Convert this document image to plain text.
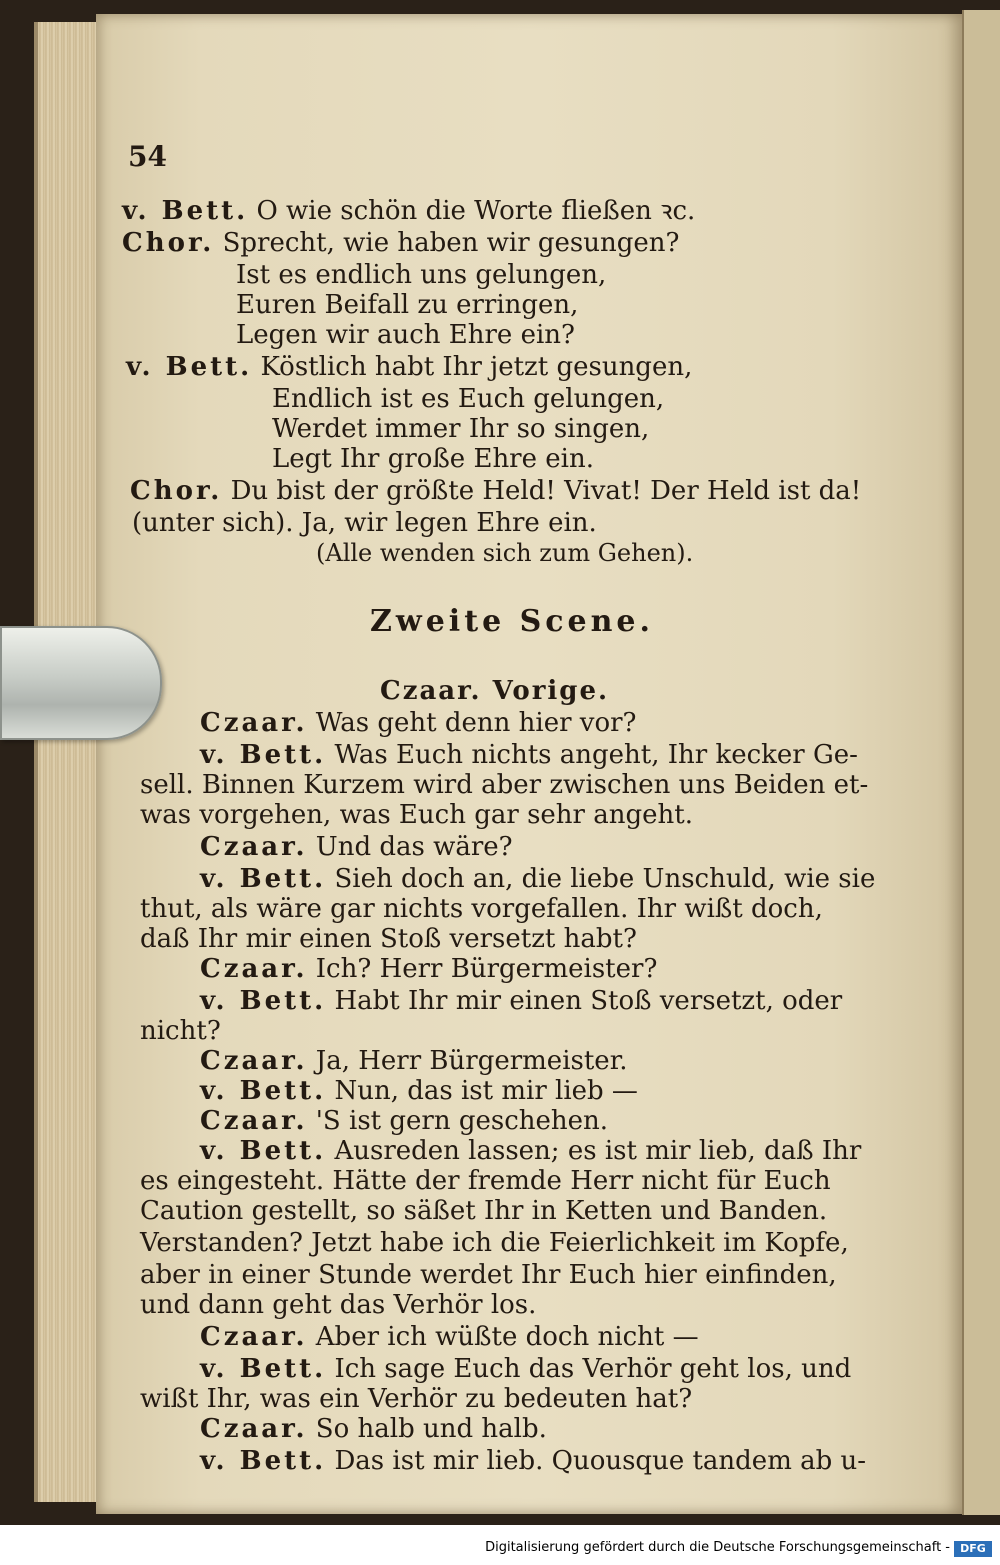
54
v. Bett. O wie schön die Worte fließen ꝛc.
Chor. Sprecht, wie haben wir gesungen?
Ist es endlich uns gelungen,
Euren Beifall zu erringen,
Legen wir auch Ehre ein?
v. Bett. Köstlich habt Ihr jetzt gesungen,
Endlich ist es Euch gelungen,
Werdet immer Ihr so singen,
Legt Ihr große Ehre ein.
Chor. Du bist der größte Held! Vivat! Der Held ist da!
(unter sich). Ja, wir legen Ehre ein.
(Alle wenden sich zum Gehen).
Zweite Scene.
Czaar. Vorige.
Czaar. Was geht denn hier vor?
v. Bett. Was Euch nichts angeht, Ihr kecker Ge-
sell. Binnen Kurzem wird aber zwischen uns Beiden et-
was vorgehen, was Euch gar sehr angeht.
Czaar. Und das wäre?
v. Bett. Sieh doch an, die liebe Unschuld, wie sie
thut, als wäre gar nichts vorgefallen. Ihr wißt doch,
daß Ihr mir einen Stoß versetzt habt?
Czaar. Ich? Herr Bürgermeister?
v. Bett. Habt Ihr mir einen Stoß versetzt, oder
nicht?
Czaar. Ja, Herr Bürgermeister.
v. Bett. Nun, das ist mir lieb —
Czaar. 'S ist gern geschehen.
v. Bett. Ausreden lassen; es ist mir lieb, daß Ihr
es eingesteht. Hätte der fremde Herr nicht für Euch
Caution gestellt, so säßet Ihr in Ketten und Banden.
Verstanden? Jetzt habe ich die Feierlichkeit im Kopfe,
aber in einer Stunde werdet Ihr Euch hier einfinden,
und dann geht das Verhör los.
Czaar. Aber ich wüßte doch nicht —
v. Bett. Ich sage Euch das Verhör geht los, und
wißt Ihr, was ein Verhör zu bedeuten hat?
Czaar. So halb und halb.
v. Bett. Das ist mir lieb. Quousque tandem ab u-
Digitalisierung gefördert durch die Deutsche Forschungsgemeinschaft - DFG
